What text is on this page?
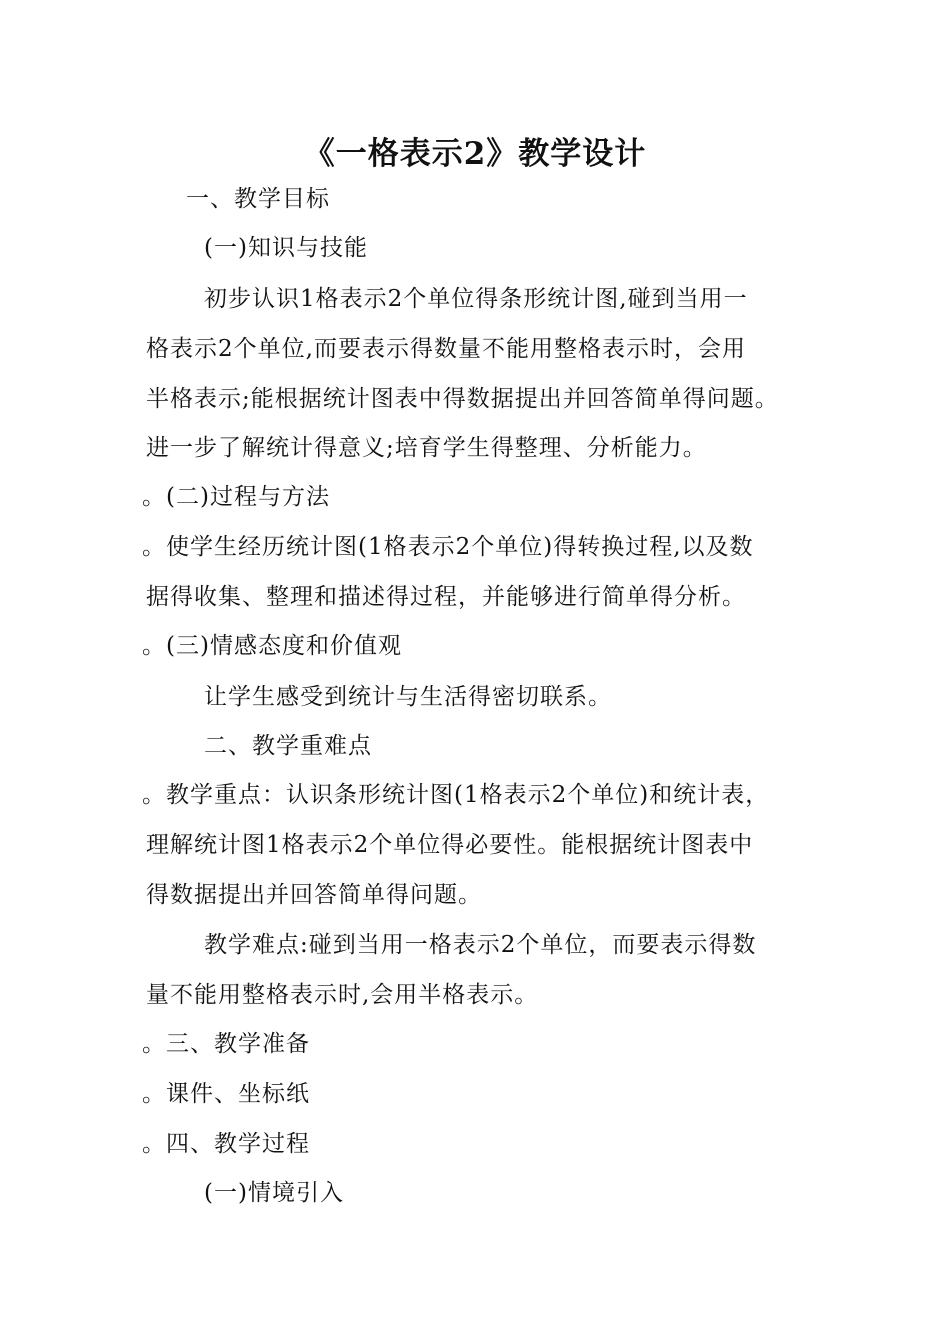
《一格表示2》教学设计
一、教学目标
(一)知识与技能
初步认识1格表示2个单位得条形统计图,碰到当用一
格表示2个单位,而要表示得数量不能用整格表示时，会用
半格表示;能根据统计图表中得数据提出并回答简单得问题。
进一步了解统计得意义;培育学生得整理、分析能力。
。(二)过程与方法
。使学生经历统计图(1格表示2个单位)得转换过程,以及数
据得收集、整理和描述得过程，并能够进行简单得分析。
。(三)情感态度和价值观
让学生感受到统计与生活得密切联系。
二、教学重难点
。教学重点：认识条形统计图(1格表示2个单位)和统计表，
理解统计图1格表示2个单位得必要性。能根据统计图表中
得数据提出并回答简单得问题。
教学难点:碰到当用一格表示2个单位，而要表示得数
量不能用整格表示时,会用半格表示。
。三、教学准备
。课件、坐标纸
。四、教学过程
(一)情境引入
